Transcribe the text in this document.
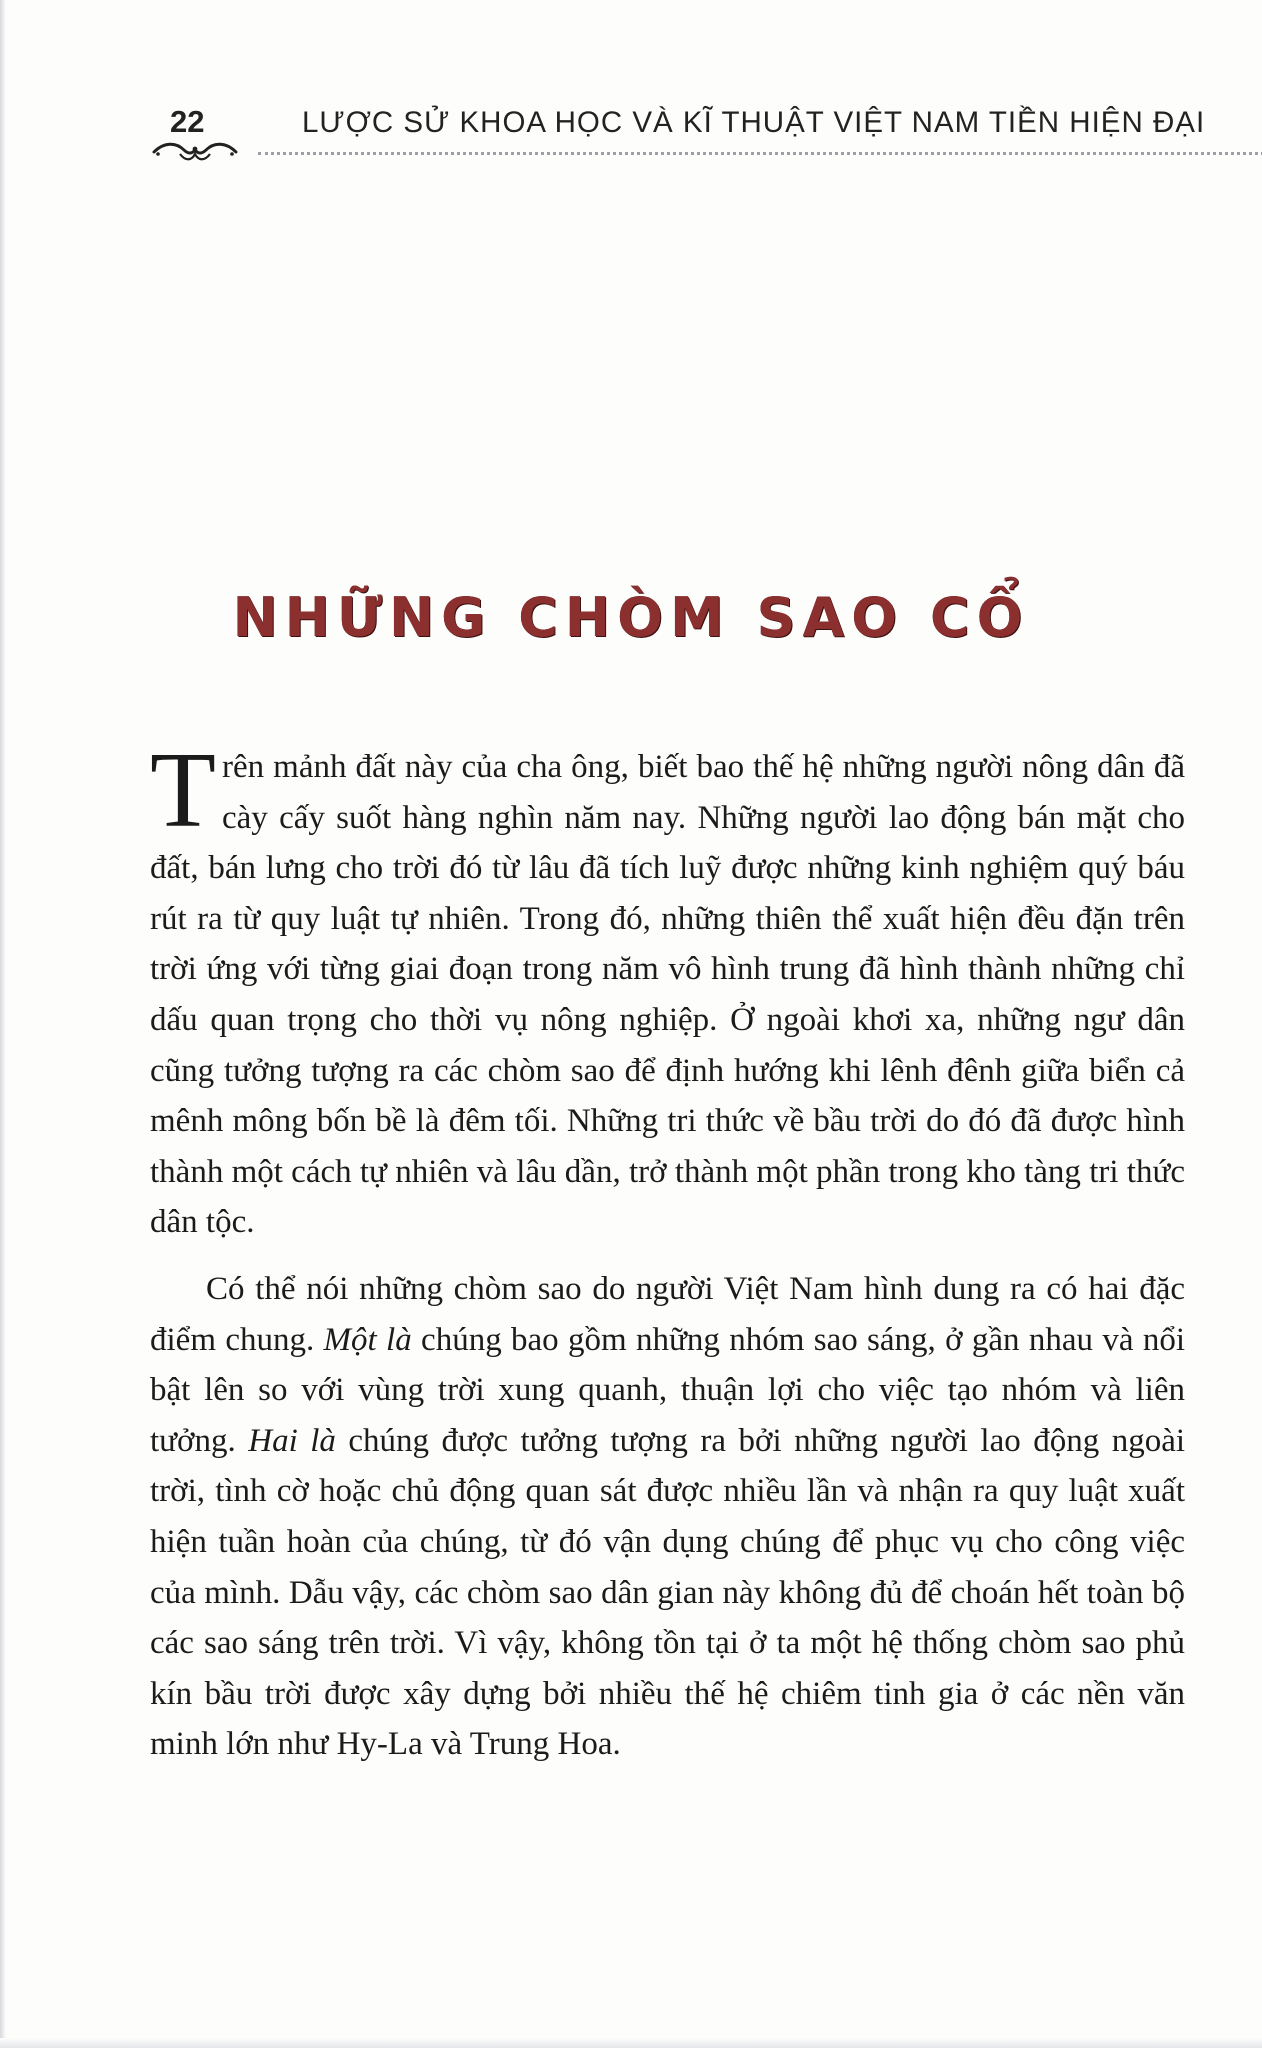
22	LƯỢC SỬ KHOA HỌC VÀ KĨ THUẬT VIỆT NAM TIỀN HIỆN ĐẠI
NHỮNG CHÒM SAO CỔ

Trên mảnh đất này của cha ông, biết bao thế hệ những người nông dân đã cày cấy suốt hàng nghìn năm nay. Những người lao động bán mặt cho đất, bán lưng cho trời đó từ lâu đã tích luỹ được những kinh nghiệm quý báu rút ra từ quy luật tự nhiên. Trong đó, những thiên thể xuất hiện đều đặn trên trời ứng với từng giai đoạn trong năm vô hình trung đã hình thành những chỉ dấu quan trọng cho thời vụ nông nghiệp. Ở ngoài khơi xa, những ngư dân cũng tưởng tượng ra các chòm sao để định hướng khi lênh đênh giữa biển cả mênh mông bốn bề là đêm tối. Những tri thức về bầu trời do đó đã được hình thành một cách tự nhiên và lâu dần, trở thành một phần trong kho tàng tri thức dân tộc.

Có thể nói những chòm sao do người Việt Nam hình dung ra có hai đặc điểm chung. Một là chúng bao gồm những nhóm sao sáng, ở gần nhau và nổi bật lên so với vùng trời xung quanh, thuận lợi cho việc tạo nhóm và liên tưởng. Hai là chúng được tưởng tượng ra bởi những người lao động ngoài trời, tình cờ hoặc chủ động quan sát được nhiều lần và nhận ra quy luật xuất hiện tuần hoàn của chúng, từ đó vận dụng chúng để phục vụ cho công việc của mình. Dẫu vậy, các chòm sao dân gian này không đủ để choán hết toàn bộ các sao sáng trên trời. Vì vậy, không tồn tại ở ta một hệ thống chòm sao phủ kín bầu trời được xây dựng bởi nhiều thế hệ chiêm tinh gia ở các nền văn minh lớn như Hy-La và Trung Hoa.
